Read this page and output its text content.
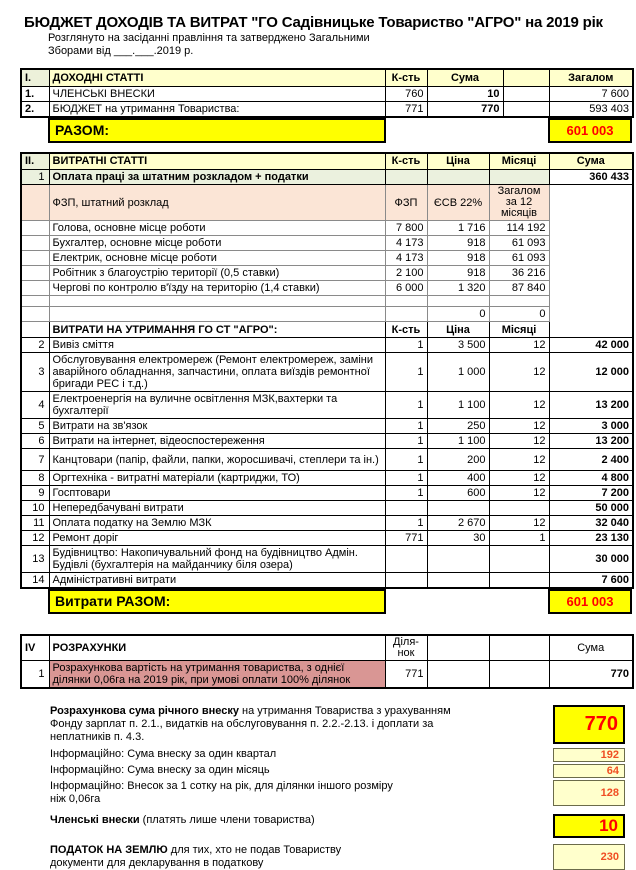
БЮДЖЕТ ДОХОДІВ ТА ВИТРАТ "ГО Садівницьке Товариство "АГРО" на 2019 рік
Розглянуто на засіданні правління та затверджено Загальними
Зборами від ___.___.2019 р.
I.	ДОХОДНІ СТАТТІ	К-сть	Сума		Загалом
1.	ЧЛЕНСЬКІ ВНЕСКИ	760	10		7 600
2.	БЮДЖЕТ на утримання Товариства:	771	770		593 403
РАЗОМ:	601 003
II.	ВИТРАТНІ СТАТТІ	К-сть	Ціна	Місяці	Сума
1	Оплата праці за штатним розкладом + податки				360 433
	ФЗП, штатний розклад	ФЗП	ЄСВ 22%	Загалом за 12 місяців	
	Голова, основне місце роботи	7 800	1 716	114 192	
	Бухгалтер, основне місце роботи	4 173	918	61 093	
	Електрик, основне місце роботи	4 173	918	61 093	
	Робітник з благоустрію території (0,5 ставки)	2 100	918	36 216	
	Чергові по контролю в'їзду на територію (1,4 ставки)	6 000	1 320	87 840	

			0	0	
	ВИТРАТИ НА УТРИМАННЯ ГО СТ "АГРО":	К-сть	Ціна	Місяці	
2	Вивіз сміття	1	3 500	12	42 000
3	Обслуговування електромереж (Ремонт електромереж, заміни аварійного обладнання, запчастини, оплата виїздів ремонтної бригади РЕС і т.д.)	1	1 000	12	12 000
4	Електроенергія на вуличне освітлення МЗК,вахтерки та бухгалтерії	1	1 100	12	13 200
5	Витрати на зв'язок	1	250	12	3 000
6	Витрати на інтернет, відеоспостереження	1	1 100	12	13 200
7	Канцтовари (папір, файли, папки, жоросшивачі, степлери та ін.)	1	200	12	2 400
8	Оргтехніка - витратні матеріали (картриджи, ТО)	1	400	12	4 800
9	Госптовари	1	600	12	7 200
10	Непередбачувані витрати				50 000
11	Оплата податку на Землю МЗК	1	2 670	12	32 040
12	Ремонт доріг	771	30	1	23 130
13	Будівництво: Накопичувальний фонд на будівництво Адмін. Будівлі (бухгалтерія на майданчику біля озера)				30 000
14	Адміністративні витрати				7 600
Витрати РАЗОМ:	601 003
IV	РОЗРАХУНКИ	Діля-нок			Сума
1	Розрахункова вартість на утримання товариства, з однієї ділянки 0,06га на 2019 рік, при умові оплати 100% ділянок	771			770
Розрахункова сума річного внеску на утримання Товариства з урахуванням Фонду зарплат п. 2.1., видатків на обслуговування п. 2.2.-2.13. і доплати за неплатників п. 4.3.
770
Інформаційно: Сума внеску за один квартал	192
Інформаційно: Сума внеску за один місяць	64
Інформаційно: Внесок за 1 сотку на рік, для ділянки іншого розміру ніж 0,06га	128
Членські внески (платять лише члени товариства)	10
ПОДАТОК НА ЗЕМЛЮ для тих, хто не подав Товариству документи для декларування в податкову	230
